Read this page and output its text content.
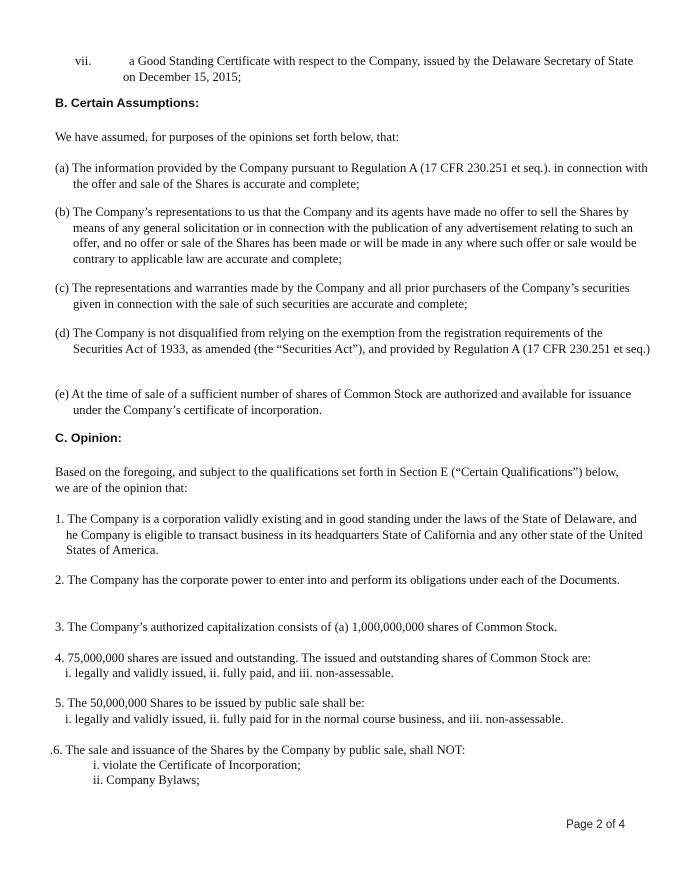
vii.	a Good Standing Certificate with respect to the Company, issued by the Delaware Secretary of State on December 15, 2015;

B. Certain Assumptions:

We have assumed, for purposes of the opinions set forth below, that:

(a) The information provided by the Company pursuant to Regulation A (17 CFR 230.251 et seq.). in connection with the offer and sale of the Shares is accurate and complete;

(b) The Company’s representations to us that the Company and its agents have made no offer to sell the Shares by means of any general solicitation or in connection with the publication of any advertisement relating to such an offer, and no offer or sale of the Shares has been made or will be made in any where such offer or sale would be contrary to applicable law are accurate and complete;

(c) The representations and warranties made by the Company and all prior purchasers of the Company’s securities given in connection with the sale of such securities are accurate and complete;

(d) The Company is not disqualified from relying on the exemption from the registration requirements of the Securities Act of 1933, as amended (the “Securities Act”), and provided by Regulation A (17 CFR 230.251 et seq.)

(e) At the time of sale of a sufficient number of shares of Common Stock are authorized and available for issuance under the Company’s certificate of incorporation.

C. Opinion:

Based on the foregoing, and subject to the qualifications set forth in Section E (“Certain Qualifications”) below, we are of the opinion that:

1. The Company is a corporation validly existing and in good standing under the laws of the State of Delaware, and he Company is eligible to transact business in its headquarters State of California and any other state of the United States of America.

2. The Company has the corporate power to enter into and perform its obligations under each of the Documents.

3. The Company’s authorized capitalization consists of (a) 1,000,000,000 shares of Common Stock.

4. 75,000,000 shares are issued and outstanding. The issued and outstanding shares of Common Stock are:

i. legally and validly issued, ii. fully paid, and iii. non-assessable.

5. The 50,000,000 Shares to be issued by public sale shall be:

i. legally and validly issued, ii. fully paid for in the normal course business, and iii. non-assessable.

.6. The sale and issuance of the Shares by the Company by public sale, shall NOT:

i. violate the Certificate of Incorporation;

ii. Company Bylaws;

Page 2 of 4
